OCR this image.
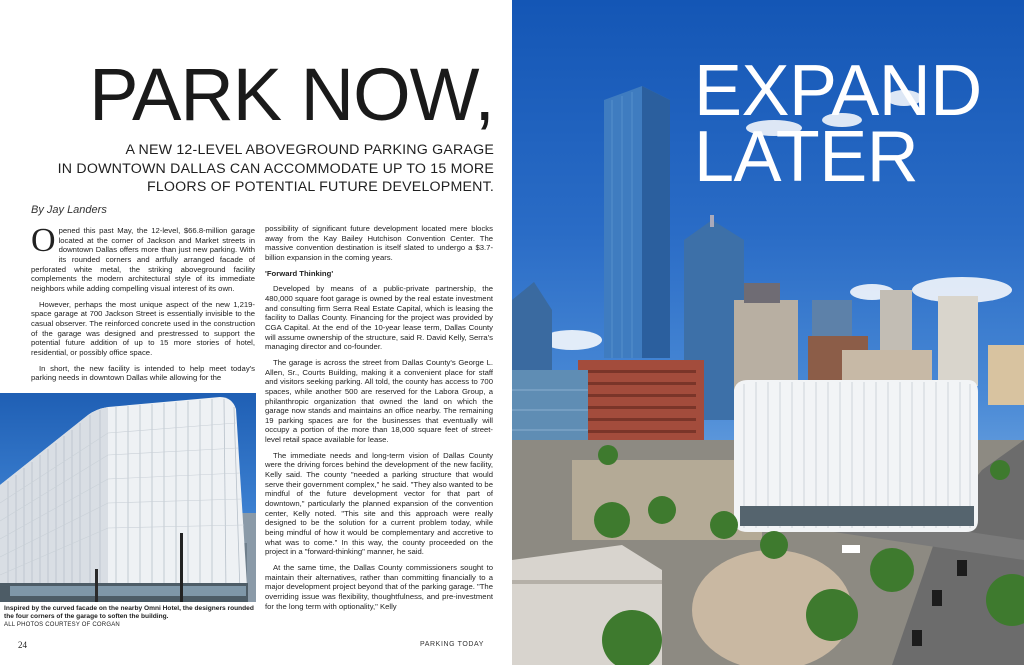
PARK NOW,
A NEW 12-LEVEL ABOVEGROUND PARKING GARAGE
IN DOWNTOWN DALLAS CAN ACCOMMODATE UP TO 15 MORE
FLOORS OF POTENTIAL FUTURE DEVELOPMENT.
By Jay Landers

Opened this past May, the 12-level, $66.8-million garage located at the corner of Jackson and Market streets in downtown Dallas offers more than just new parking. With its rounded corners and artfully arranged facade of perforated white metal, the striking aboveground facility complements the modern architectural style of its immediate neighbors while adding compelling visual interest of its own.

However, perhaps the most unique aspect of the new 1,219-space garage at 700 Jackson Street is essentially invisible to the casual observer. The reinforced concrete used in the construction of the garage was designed and prestressed to support the potential future addition of up to 15 more stories of hotel, residential, or possibly office space.

In short, the new facility is intended to help meet today's parking needs in downtown Dallas while allowing for the

possibility of significant future development located mere blocks away from the Kay Bailey Hutchison Convention Center. The massive convention destination is itself slated to undergo a $3.7-billion expansion in the coming years.

'Forward Thinking'

Developed by means of a public-private partnership, the 480,000 square foot garage is owned by the real estate investment and consulting firm Serra Real Estate Capital, which is leasing the facility to Dallas County. Financing for the project was provided by CGA Capital. At the end of the 10-year lease term, Dallas County will assume ownership of the structure, said R. David Kelly, Serra's managing director and co-founder.

The garage is across the street from Dallas County's George L. Allen, Sr., Courts Building, making it a convenient place for staff and visitors seeking parking. All told, the county has access to 700 spaces, while another 500 are reserved for the Labora Group, a philanthropic organization that owned the land on which the garage now stands and maintains an office nearby. The remaining 19 parking spaces are for the businesses that eventually will occupy a portion of the more than 18,000 square feet of street-level retail space available for lease.

The immediate needs and long-term vision of Dallas County were the driving forces behind the development of the new facility, Kelly said. The county "needed a parking structure that would serve their government complex," he said. "They also wanted to be mindful of the future development vector for that part of downtown," particularly the planned expansion of the convention center, Kelly noted. "This site and this approach were really designed to be the solution for a current problem today, while being mindful of how it would be complementary and accretive to what was to come." In this way, the county proceeded on the project in a "forward-thinking" manner, he said.

At the same time, the Dallas County commissioners sought to maintain their alternatives, rather than committing financially to a major development project beyond that of the parking garage. "The overriding issue was flexibility, thoughtfulness, and pre-investment for the long term with optionality," Kelly

Inspired by the curved facade on the nearby Omni Hotel, the designers rounded the four corners of the garage to soften the building.
ALL PHOTOS COURTESY OF CORGAN
24
EXPAND
LATER
PARKING TODAY
